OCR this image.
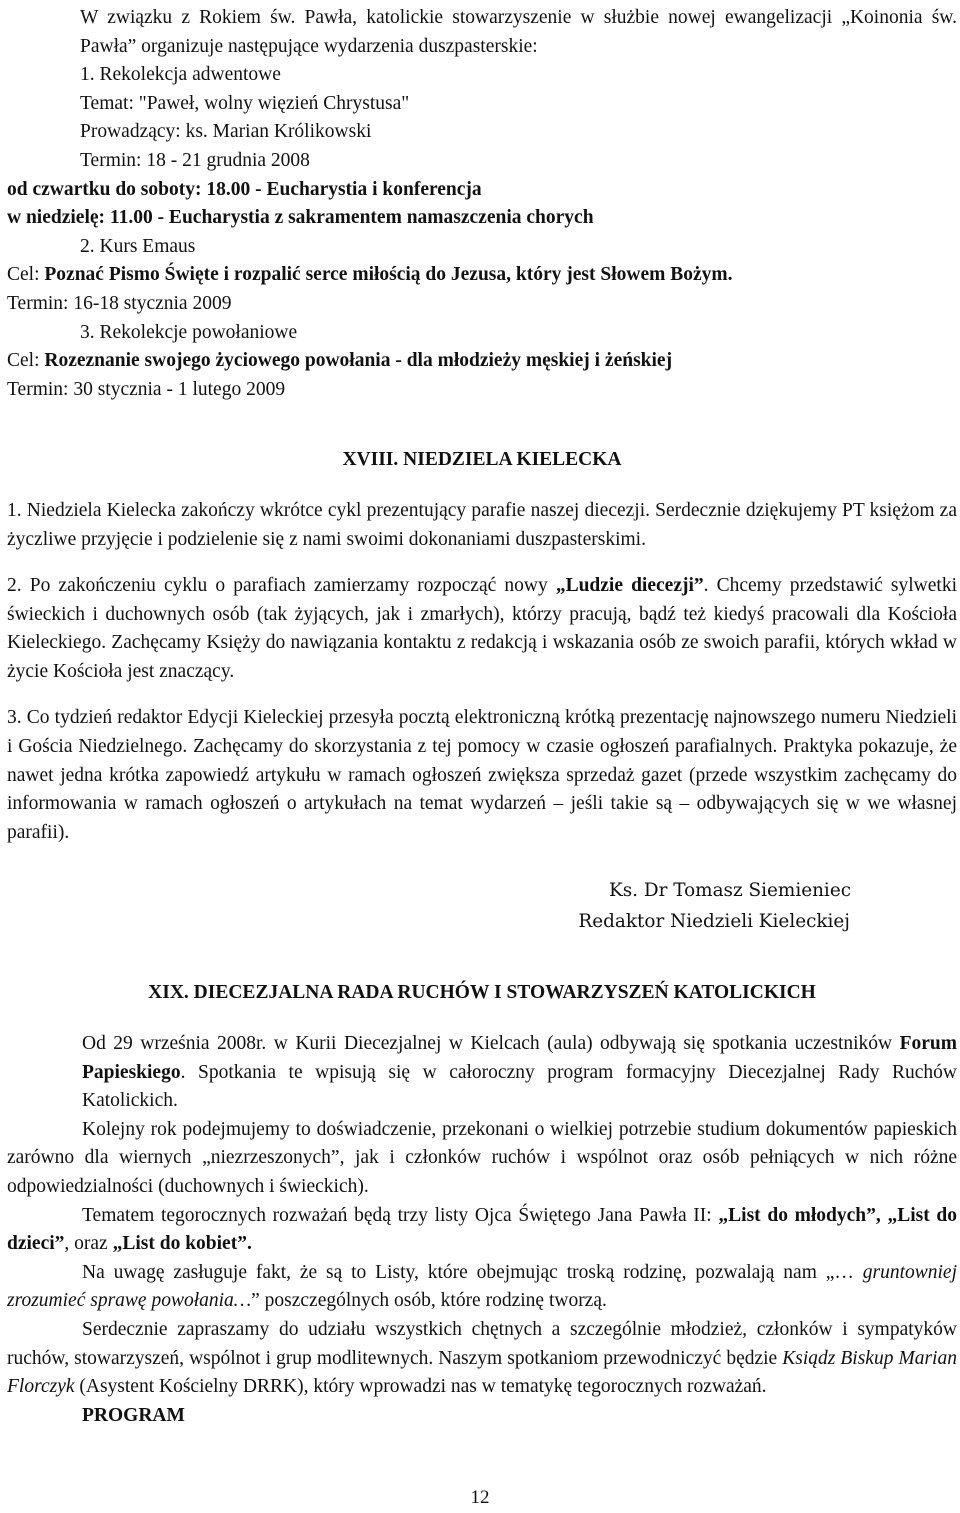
W związku z Rokiem św. Pawła, katolickie stowarzyszenie w służbie nowej ewangelizacji „Koinonia św. Pawła” organizuje następujące wydarzenia duszpasterskie:

1. Rekolekcja adwentowe

Temat: "Paweł, wolny więzień Chrystusa"

Prowadzący: ks. Marian Królikowski

Termin: 18 - 21 grudnia 2008

od czwartku do soboty: 18.00 - Eucharystia i konferencja

w niedzielę: 11.00 - Eucharystia z sakramentem namaszczenia chorych

2. Kurs Emaus

Cel: Poznać Pismo Święte i rozpalić serce miłością do Jezusa, który jest Słowem Bożym.

Termin: 16-18 stycznia 2009

3. Rekolekcje powołaniowe

Cel: Rozeznanie swojego życiowego powołania - dla młodzieży męskiej i żeńskiej

Termin: 30 stycznia - 1 lutego 2009

XVIII. NIEDZIELA KIELECKA

1. Niedziela Kielecka zakończy wkrótce cykl prezentujący parafie naszej diecezji. Serdecznie dziękujemy PT księżom za życzliwe przyjęcie i podzielenie się z nami swoimi dokonaniami duszpasterskimi.

2. Po zakończeniu cyklu o parafiach zamierzamy rozpocząć nowy „Ludzie diecezji”. Chcemy przedstawić sylwetki świeckich i duchownych osób (tak żyjących, jak i zmarłych), którzy pracują, bądź też kiedyś pracowali dla Kościoła Kieleckiego. Zachęcamy Księży do nawiązania kontaktu z redakcją i wskazania osób ze swoich parafii, których wkład w życie Kościoła jest znaczący.

3. Co tydzień redaktor Edycji Kieleckiej przesyła pocztą elektroniczną krótką prezentację najnowszego numeru Niedzieli i Gościa Niedzielnego. Zachęcamy do skorzystania z tej pomocy w czasie ogłoszeń parafialnych. Praktyka pokazuje, że nawet jedna krótka zapowiedź artykułu w ramach ogłoszeń zwiększa sprzedaż gazet (przede wszystkim zachęcamy do informowania w ramach ogłoszeń o artykułach na temat wydarzeń – jeśli takie są – odbywających się w we własnej parafii).

Ks. Dr Tomasz Siemieniec

Redaktor Niedzieli Kieleckiej

XIX. DIECEZJALNA RADA RUCHÓW I STOWARZYSZEŃ KATOLICKICH

Od 29 września 2008r. w Kurii Diecezjalnej w Kielcach (aula) odbywają się spotkania uczestników Forum Papieskiego. Spotkania te wpisują się w całoroczny program formacyjny Diecezjalnej Rady Ruchów Katolickich.

Kolejny rok podejmujemy to doświadczenie, przekonani o wielkiej potrzebie studium dokumentów papieskich zarówno dla wiernych „niezrzeszonych”, jak i członków ruchów i wspólnot oraz osób pełniących w nich różne odpowiedzialności (duchownych i świeckich).

Tematem tegorocznych rozważań będą trzy listy Ojca Świętego Jana Pawła II: „List do młodych”, „List do dzieci”, oraz „List do kobiet”.

Na uwagę zasługuje fakt, że są to Listy, które obejmując troską rodzinę, pozwalają nam „… gruntowniej zrozumieć sprawę powołania…” poszczególnych osób, które rodzinę tworzą.

Serdecznie zapraszamy do udziału wszystkich chętnych a szczególnie młodzież, członków i sympatyków ruchów, stowarzyszeń, wspólnot i grup modlitewnych. Naszym spotkaniom przewodniczyć będzie Ksiądz Biskup Marian Florczyk (Asystent Kościelny DRRK), który wprowadzi nas w tematykę tegorocznych rozważań.

PROGRAM

12
